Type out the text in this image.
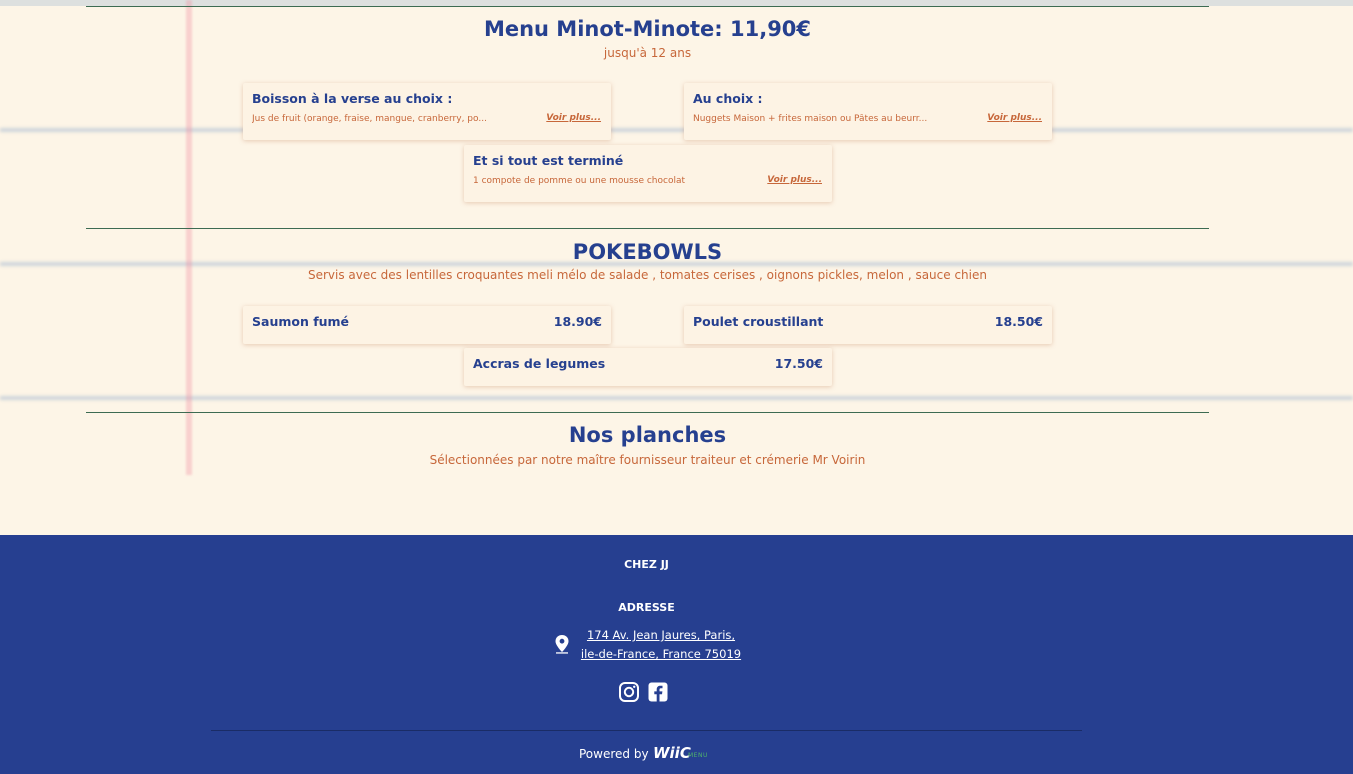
Menu Minot-Minote: 11,90€
jusqu'à 12 ans
Boisson à la verse au choix :
Jus de fruit (orange, fraise, mangue, cranberry, po...	Voir plus...
Au choix :
Nuggets Maison + frites maison ou Pâtes au beurr...	Voir plus...
Et si tout est terminé
1 compote de pomme ou une mousse chocolat	Voir plus...
POKEBOWLS
Servis avec des lentilles croquantes meli mélo de salade , tomates cerises , oignons pickles, melon , sauce chien
Saumon fumé	18.90€	Poulet croustillant	18.50€
Accras de legumes	17.50€
Nos planches
Sélectionnées par notre maître fournisseur traiteur et crémerie Mr Voirin
CHEZ JJ
ADRESSE
174 Av. Jean Jaures, Paris,
ile-de-France, France 75019
Powered by WiiC
MENU
